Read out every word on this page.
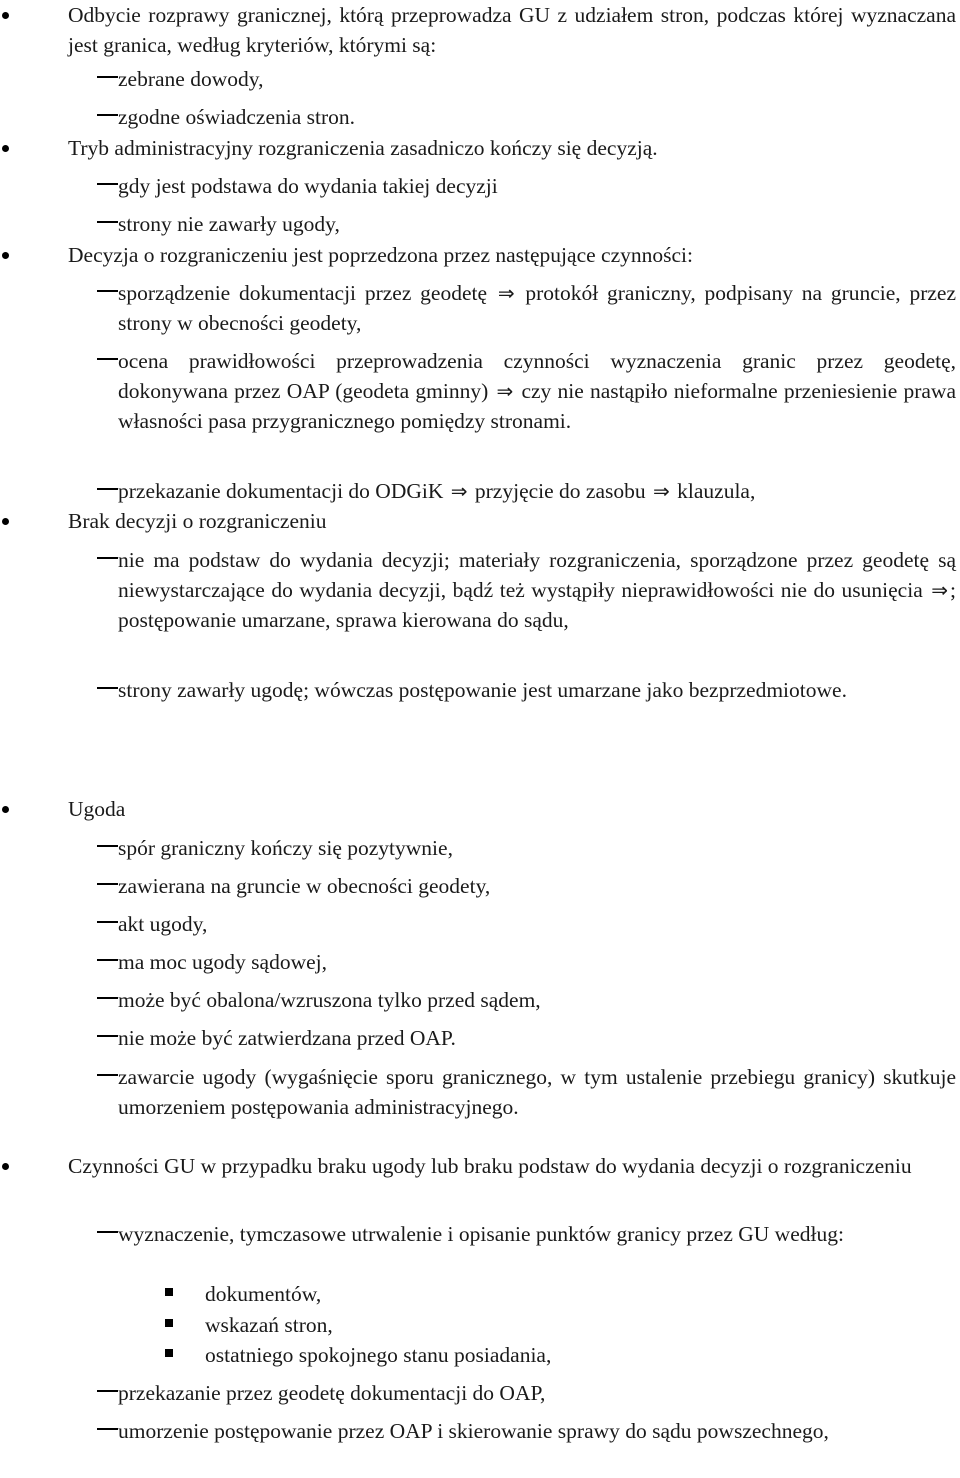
Odbycie rozprawy granicznej, którą przeprowadza GU z udziałem stron, podczas której wyznaczana jest granica, według kryteriów, którymi są:
zebrane dowody,
zgodne oświadczenia stron.
Tryb administracyjny rozgraniczenia zasadniczo kończy się decyzją.
gdy jest podstawa do wydania takiej decyzji
strony nie zawarły ugody,
Decyzja o rozgraniczeniu jest poprzedzona przez następujące czynności:
sporządzenie dokumentacji przez geodetę ⇒ protokół graniczny, podpisany na gruncie, przez strony w obecności geodety,
ocena prawidłowości przeprowadzenia czynności wyznaczenia granic przez geodetę, dokonywana przez OAP (geodeta gminny) ⇒ czy nie nastąpiło nieformalne przeniesienie prawa własności pasa przygranicznego pomiędzy stronami.
przekazanie dokumentacji do ODGiK ⇒ przyjęcie do zasobu ⇒ klauzula,
Brak decyzji o rozgraniczeniu
nie ma podstaw do wydania decyzji; materiały rozgraniczenia, sporządzone przez geodetę są niewystarczające do wydania decyzji, bądź też wystąpiły nieprawidłowości nie do usunięcia ⇒; postępowanie umarzane, sprawa kierowana do sądu,
strony zawarły ugodę; wówczas postępowanie jest umarzane jako bezprzedmiotowe.
Ugoda
spór graniczny kończy się pozytywnie,
zawierana na gruncie w obecności geodety,
akt ugody,
ma moc ugody sądowej,
może być obalona/wzruszona tylko przed sądem,
nie może być zatwierdzana przed OAP.
zawarcie ugody (wygaśnięcie sporu granicznego, w tym ustalenie przebiegu granicy) skutkuje umorzeniem postępowania administracyjnego.
Czynności GU w przypadku braku ugody lub braku podstaw do wydania decyzji o rozgraniczeniu
wyznaczenie, tymczasowe utrwalenie i opisanie punktów granicy przez GU według:
dokumentów,
wskazań stron,
ostatniego spokojnego stanu posiadania,
przekazanie przez geodetę dokumentacji do OAP,
umorzenie postępowanie przez OAP i skierowanie sprawy do sądu powszechnego,
